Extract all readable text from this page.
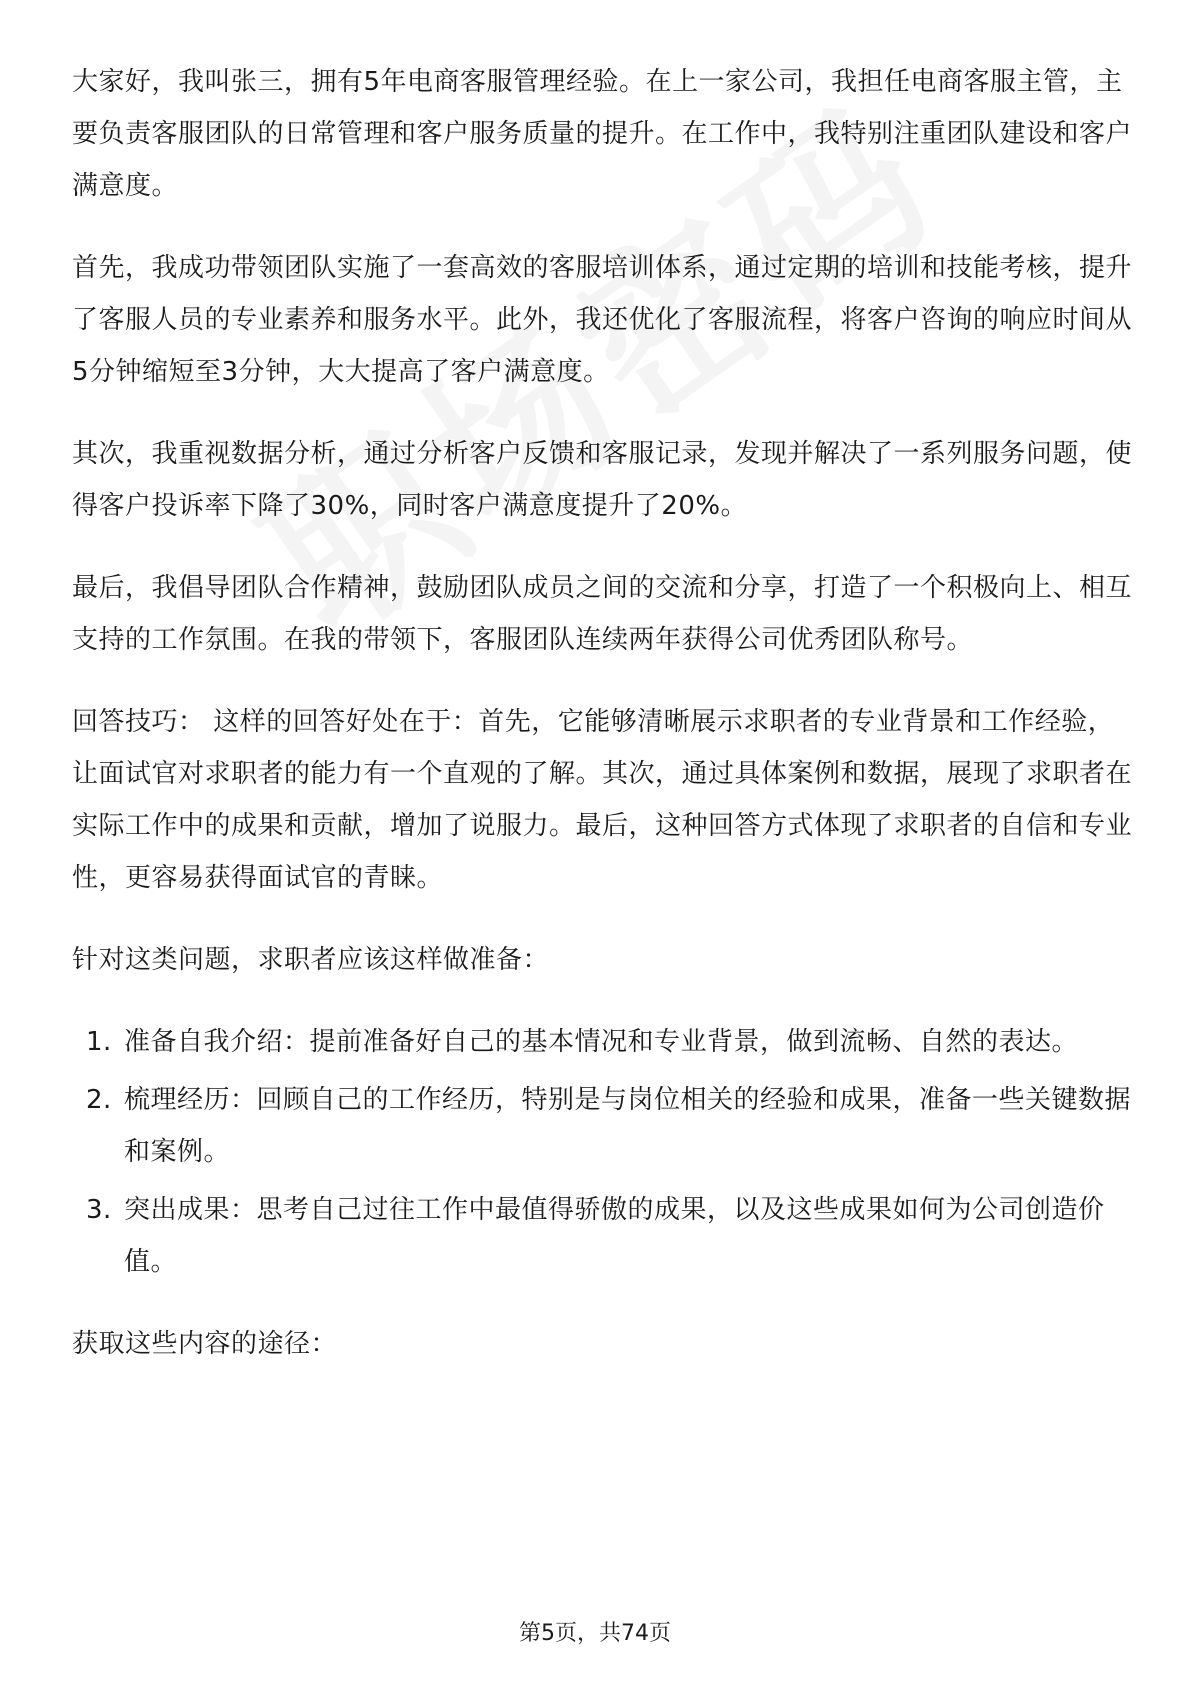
大家好，我叫张三，拥有5年电商客服管理经验。在上一家公司，我担任电商客服主管，主要负责客服团队的日常管理和客户服务质量的提升。在工作中，我特别注重团队建设和客户满意度。

首先，我成功带领团队实施了一套高效的客服培训体系，通过定期的培训和技能考核，提升了客服人员的专业素养和服务水平。此外，我还优化了客服流程，将客户咨询的响应时间从5分钟缩短至3分钟，大大提高了客户满意度。

其次，我重视数据分析，通过分析客户反馈和客服记录，发现并解决了一系列服务问题，使得客户投诉率下降了30%，同时客户满意度提升了20%。

最后，我倡导团队合作精神，鼓励团队成员之间的交流和分享，打造了一个积极向上、相互支持的工作氛围。在我的带领下，客服团队连续两年获得公司优秀团队称号。

回答技巧： 这样的回答好处在于：首先，它能够清晰展示求职者的专业背景和工作经验，让面试官对求职者的能力有一个直观的了解。其次，通过具体案例和数据，展现了求职者在实际工作中的成果和贡献，增加了说服力。最后，这种回答方式体现了求职者的自信和专业性，更容易获得面试官的青睐。

针对这类问题，求职者应该这样做准备：

1. 准备自我介绍：提前准备好自己的基本情况和专业背景，做到流畅、自然的表达。
2. 梳理经历：回顾自己的工作经历，特别是与岗位相关的经验和成果，准备一些关键数据和案例。
3. 突出成果：思考自己过往工作中最值得骄傲的成果，以及这些成果如何为公司创造价值。

获取这些内容的途径：

第5页，共74页
